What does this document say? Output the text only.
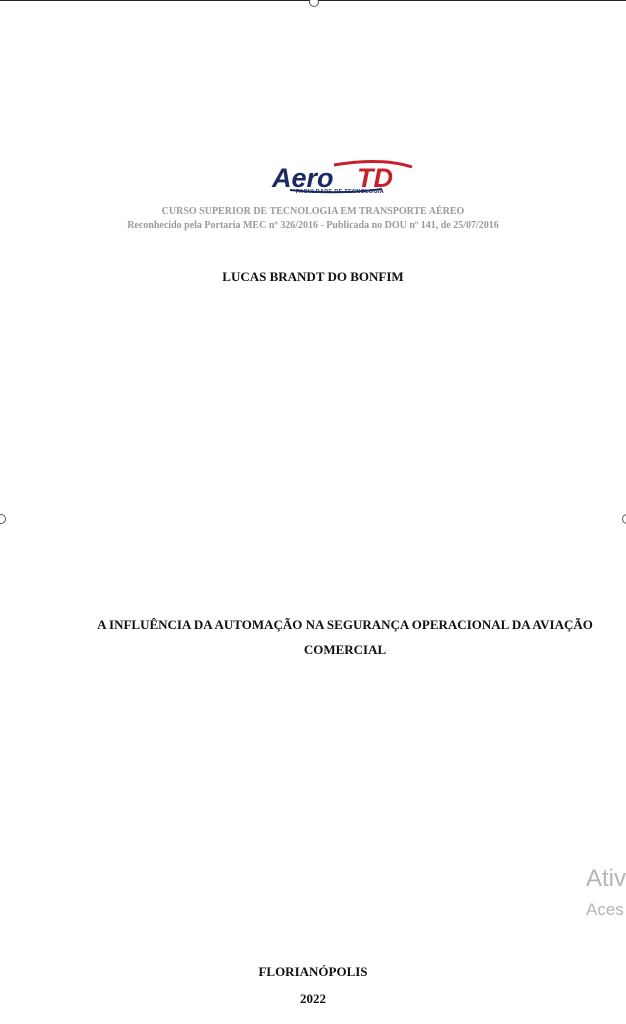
Aero TD
FACULDADE DE TECNOLOGIA
CURSO SUPERIOR DE TECNOLOGIA EM TRANSPORTE AÉREO
Reconhecido pela Portaria MEC nº 326/2016 - Publicada no DOU nº 141, de 25/07/2016
LUCAS BRANDT DO BONFIM
A INFLUÊNCIA DA AUTOMAÇÃO NA SEGURANÇA OPERACIONAL DA AVIAÇÃO
COMERCIAL
Ativ
Aces
FLORIANÓPOLIS
2022
